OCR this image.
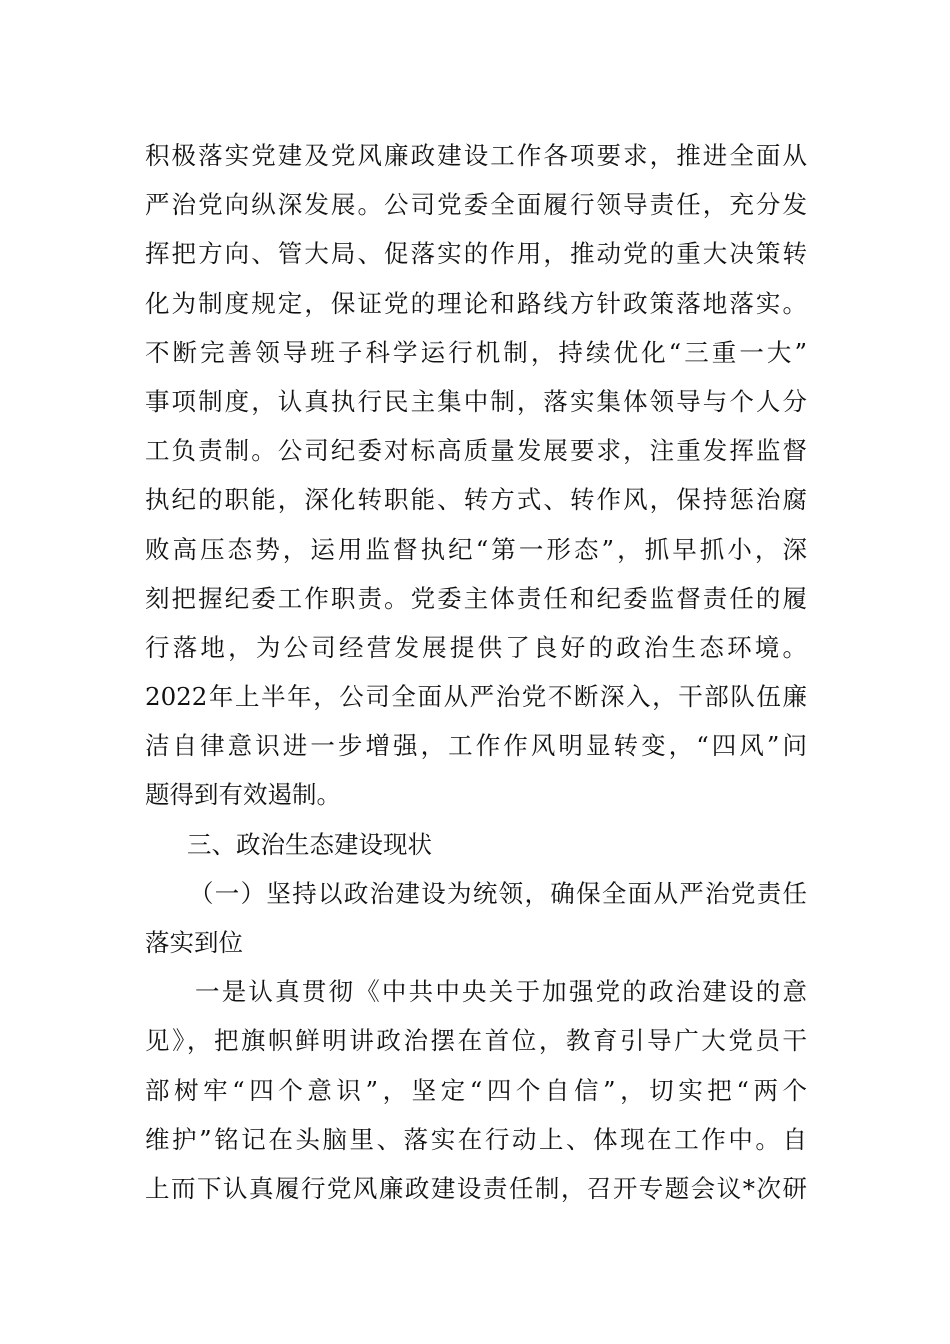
积极落实党建及党风廉政建设工作各项要求，推进全面从
严治党向纵深发展。公司党委全面履行领导责任，充分发
挥把方向、管大局、促落实的作用，推动党的重大决策转
化为制度规定，保证党的理论和路线方针政策落地落实。
不断完善领导班子科学运行机制，持续优化“三重一大”
事项制度，认真执行民主集中制，落实集体领导与个人分
工负责制。公司纪委对标高质量发展要求，注重发挥监督
执纪的职能，深化转职能、转方式、转作风，保持惩治腐
败高压态势，运用监督执纪“第一形态”，抓早抓小，深
刻把握纪委工作职责。党委主体责任和纪委监督责任的履
行落地，为公司经营发展提供了良好的政治生态环境。
2022年上半年，公司全面从严治党不断深入，干部队伍廉
洁自律意识进一步增强，工作作风明显转变，“四风”问
题得到有效遏制。
三、政治生态建设现状
（一）坚持以政治建设为统领，确保全面从严治党责任
落实到位
一是认真贯彻《中共中央关于加强党的政治建设的意
见》，把旗帜鲜明讲政治摆在首位，教育引导广大党员干
部树牢“四个意识”，坚定“四个自信”，切实把“两个
维护”铭记在头脑里、落实在行动上、体现在工作中。自
上而下认真履行党风廉政建设责任制，召开专题会议*次研
